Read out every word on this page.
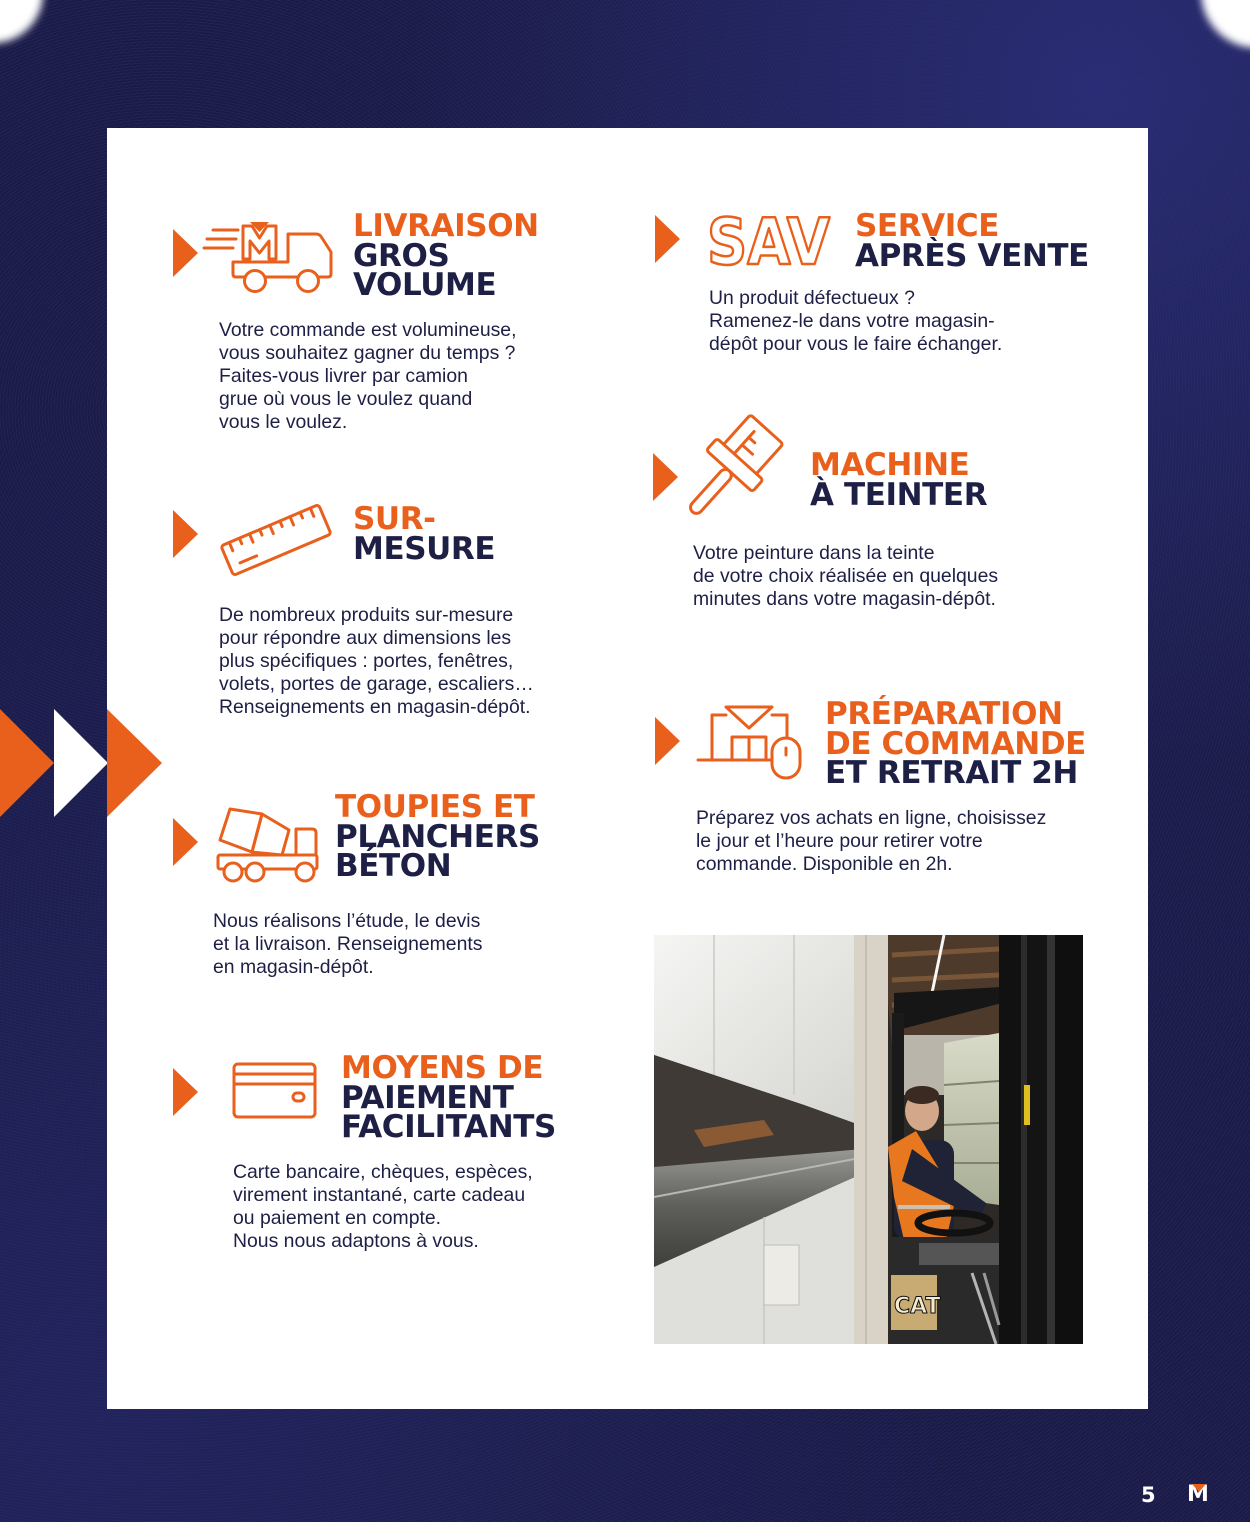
LIVRAISON
GROS
VOLUME
Votre commande est volumineuse,
vous souhaitez gagner du temps ?
Faites-vous livrer par camion
grue où vous le voulez quand
vous le voulez.
SUR-
MESURE
De nombreux produits sur-mesure
pour répondre aux dimensions les
plus spécifiques : portes, fenêtres,
volets, portes de garage, escaliers…
Renseignements en magasin-dépôt.
TOUPIES ET
PLANCHERS
BÉTON
Nous réalisons l’étude, le devis
et la livraison. Renseignements
en magasin-dépôt.
MOYENS DE
PAIEMENT
FACILITANTS
Carte bancaire, chèques, espèces,
virement instantané, carte cadeau
ou paiement en compte.
Nous nous adaptons à vous.
SAV SERVICE
APRÈS VENTE
Un produit défectueux ?
Ramenez-le dans votre magasin-
dépôt pour vous le faire échanger.
MACHINE
À TEINTER
Votre peinture dans la teinte
de votre choix réalisée en quelques
minutes dans votre magasin-dépôt.
PRÉPARATION
DE COMMANDE
ET RETRAIT 2H
Préparez vos achats en ligne, choisissez
le jour et l’heure pour retirer votre
commande. Disponible en 2h.
CAT
5 M
